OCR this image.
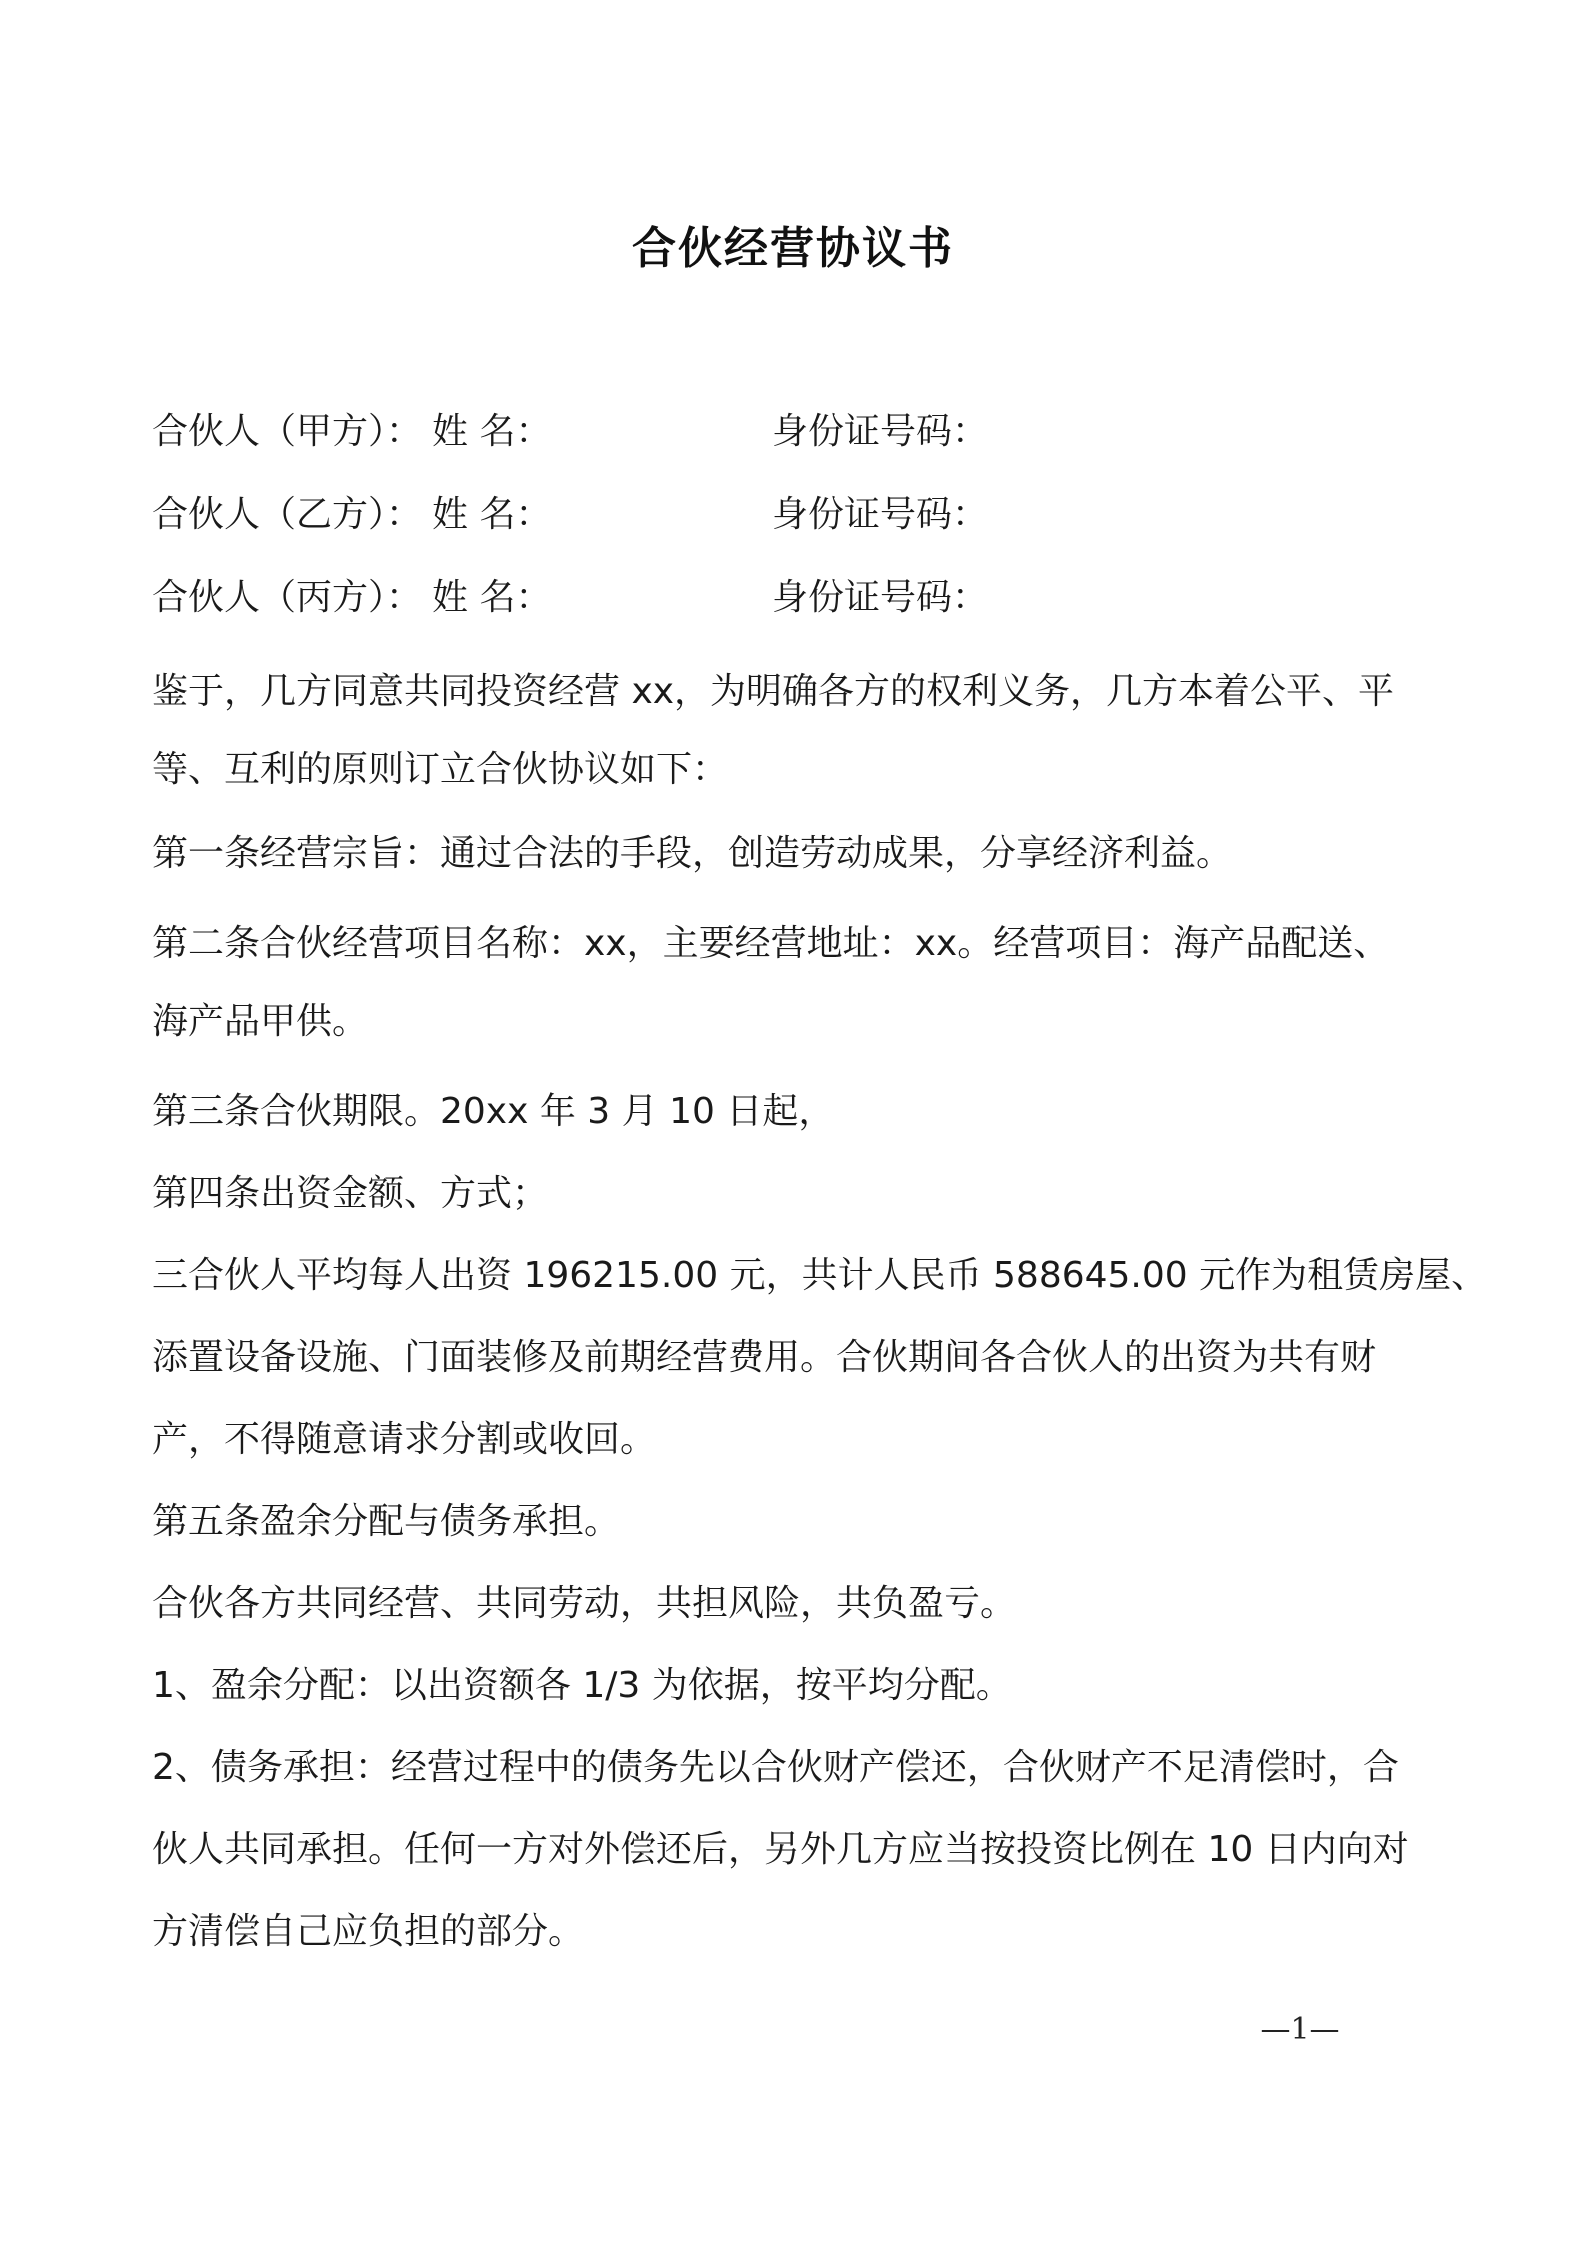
合伙经营协议书
合伙人（甲方）： 姓 名：	身份证号码：
合伙人（乙方）： 姓 名：	身份证号码：
合伙人（丙方）： 姓 名：	身份证号码：
鉴于，几方同意共同投资经营 xx，为明确各方的权利义务，几方本着公平、平
等、互利的原则订立合伙协议如下：
第一条经营宗旨：通过合法的手段，创造劳动成果，分享经济利益。
第二条合伙经营项目名称：xx，主要经营地址：xx。经营项目：海产品配送、
海产品甲供。
第三条合伙期限。20xx 年 3 月 10 日起，
第四条出资金额、方式；
三合伙人平均每人出资 196215.00 元，共计人民币 588645.00 元作为租赁房屋、
添置设备设施、门面装修及前期经营费用。合伙期间各合伙人的出资为共有财
产，不得随意请求分割或收回。
第五条盈余分配与债务承担。
合伙各方共同经营、共同劳动，共担风险，共负盈亏。
1、盈余分配：以出资额各 1/3 为依据，按平均分配。
2、债务承担：经营过程中的债务先以合伙财产偿还，合伙财产不足清偿时，合
伙人共同承担。任何一方对外偿还后，另外几方应当按投资比例在 10 日内向对
方清偿自己应负担的部分。
—1—
